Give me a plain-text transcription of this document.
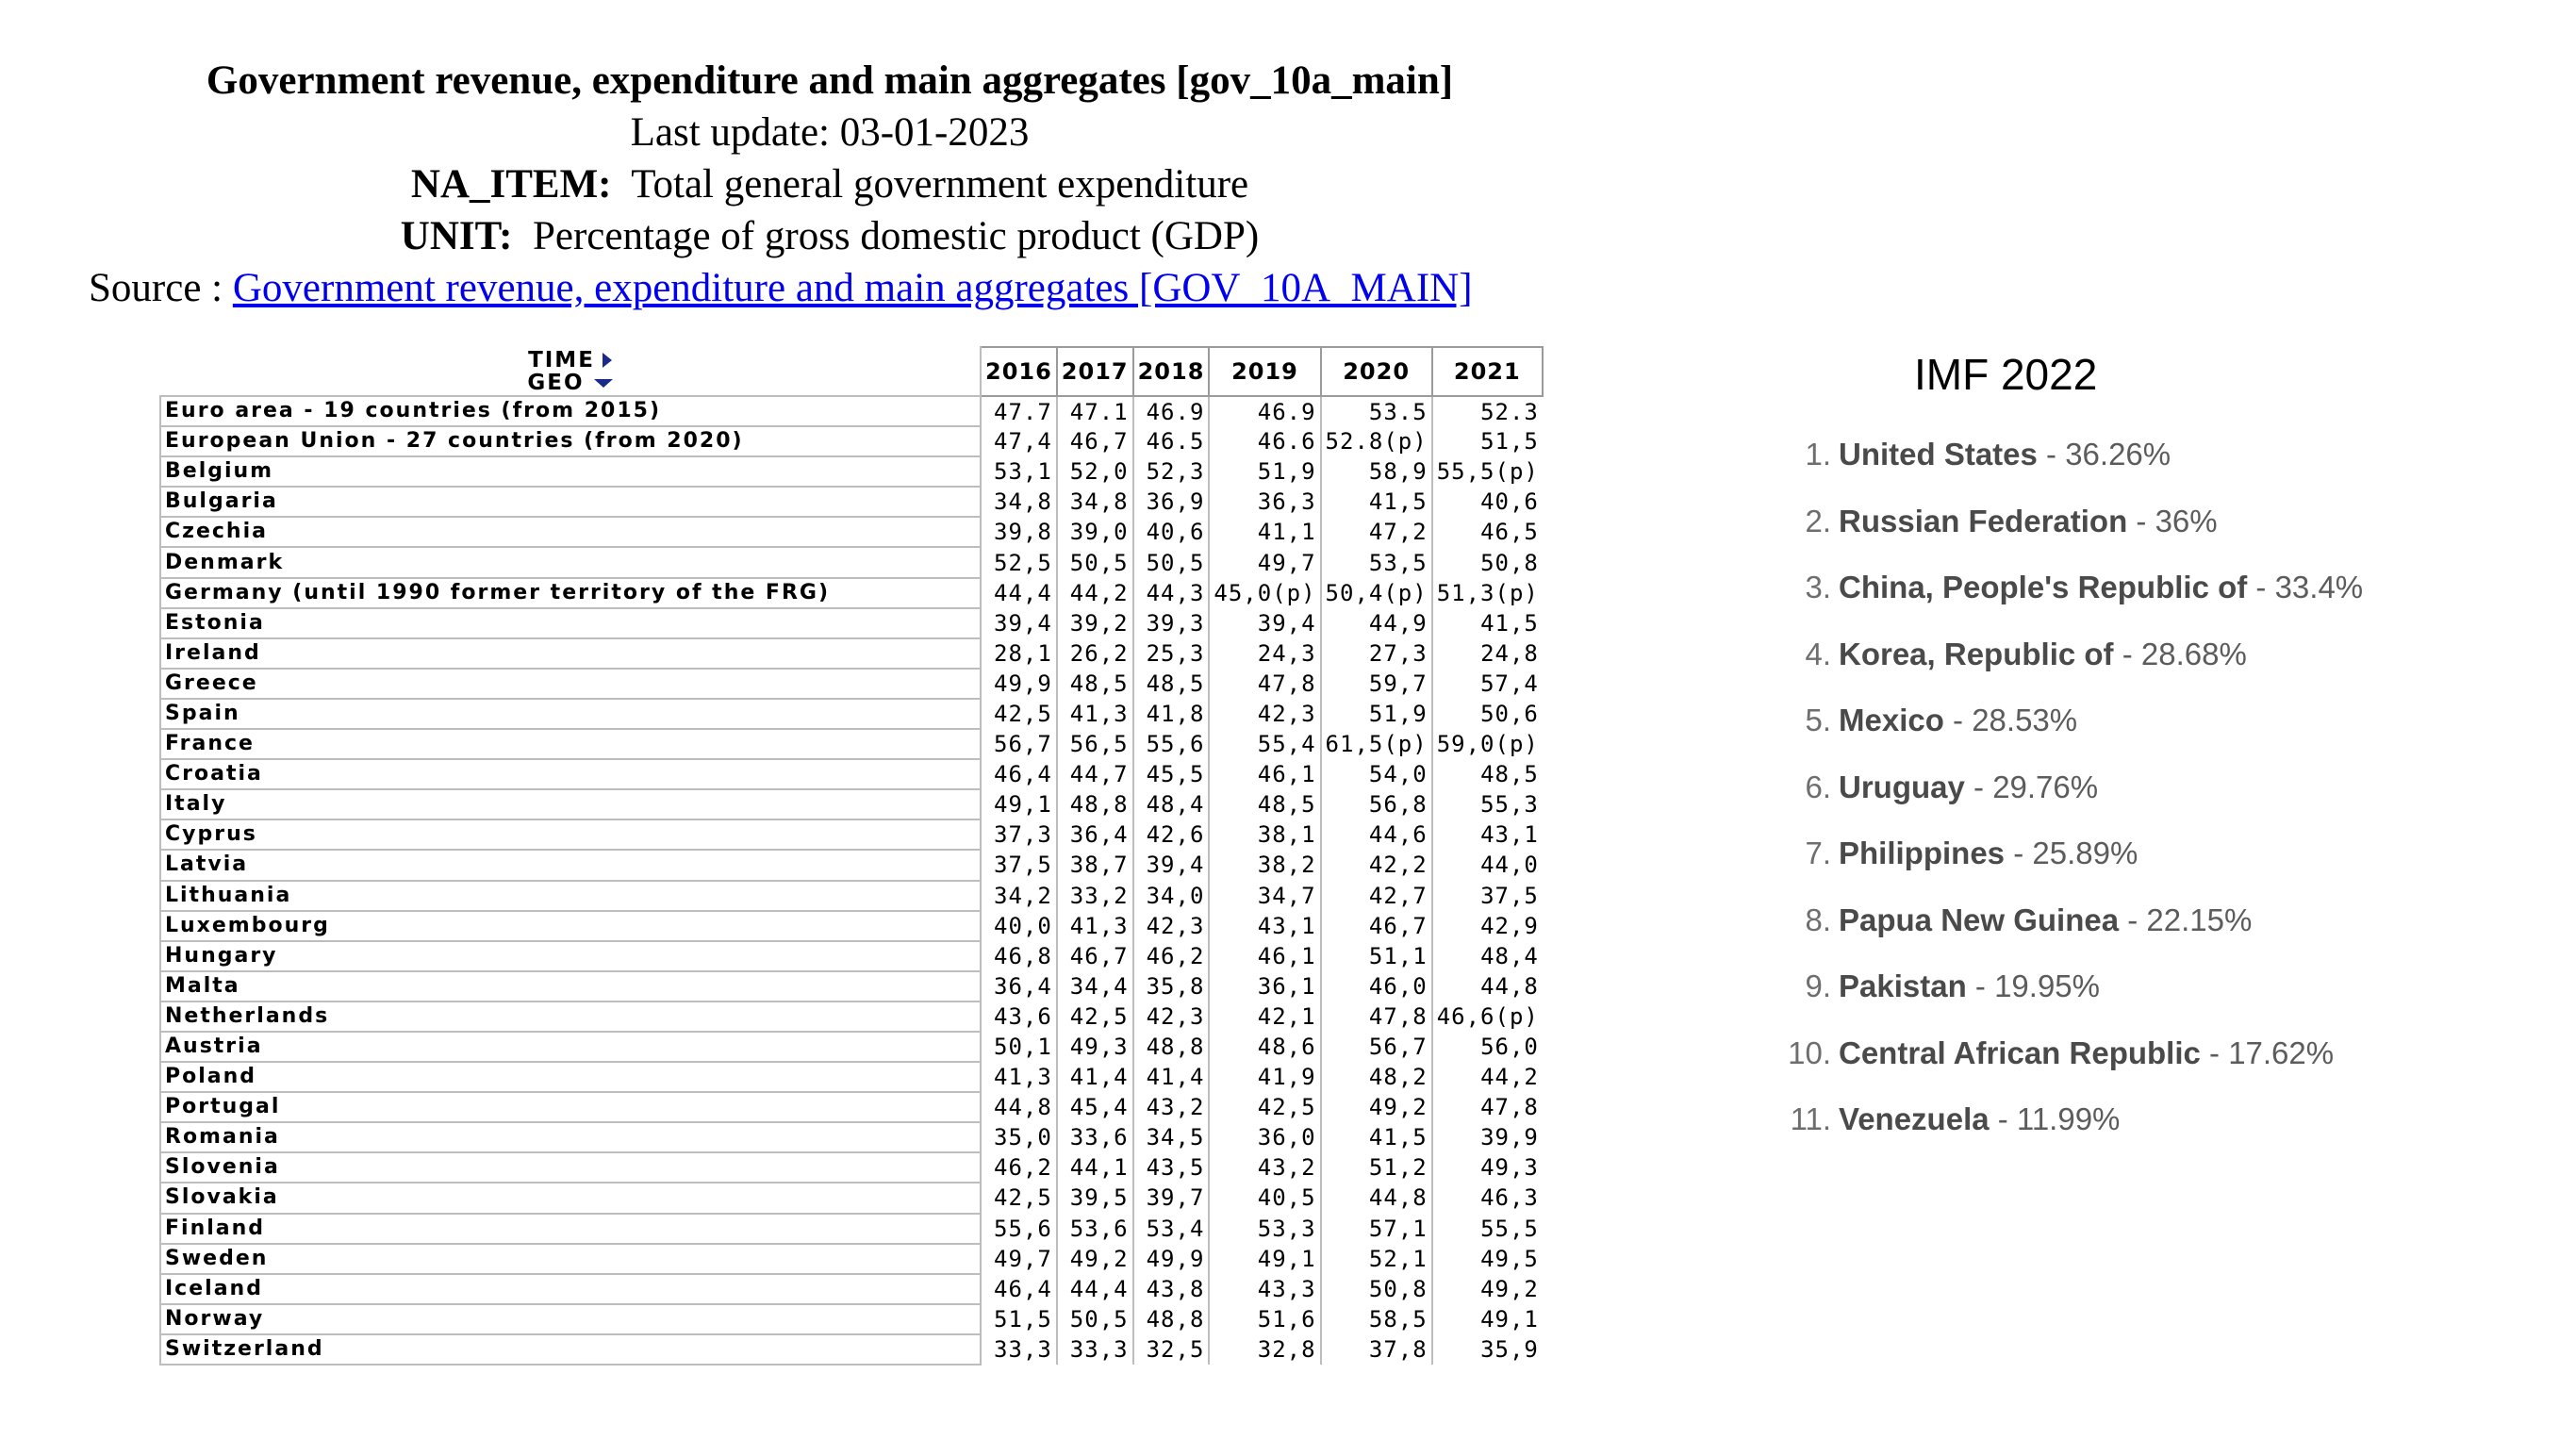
Government revenue, expenditure and main aggregates [gov_10a_main]
Last update: 03-01-2023
NA_ITEM: Total general government expenditure
UNIT: Percentage of gross domestic product (GDP)
Source : Government revenue, expenditure and main aggregates [GOV_10A_MAIN]
TIME
GEO	2016	2017	2018	2019	2020	2021
Euro area - 19 countries (from 2015)	47.7	47.1	46.9	46.9	53.5	52.3
European Union - 27 countries (from 2020)	47,4	46,7	46.5	46.6	52.8(p)	51,5
Belgium	53,1	52,0	52,3	51,9	58,9	55,5(p)
Bulgaria	34,8	34,8	36,9	36,3	41,5	40,6
Czechia	39,8	39,0	40,6	41,1	47,2	46,5
Denmark	52,5	50,5	50,5	49,7	53,5	50,8
Germany (until 1990 former territory of the FRG)	44,4	44,2	44,3	45,0(p)	50,4(p)	51,3(p)
Estonia	39,4	39,2	39,3	39,4	44,9	41,5
Ireland	28,1	26,2	25,3	24,3	27,3	24,8
Greece	49,9	48,5	48,5	47,8	59,7	57,4
Spain	42,5	41,3	41,8	42,3	51,9	50,6
France	56,7	56,5	55,6	55,4	61,5(p)	59,0(p)
Croatia	46,4	44,7	45,5	46,1	54,0	48,5
Italy	49,1	48,8	48,4	48,5	56,8	55,3
Cyprus	37,3	36,4	42,6	38,1	44,6	43,1
Latvia	37,5	38,7	39,4	38,2	42,2	44,0
Lithuania	34,2	33,2	34,0	34,7	42,7	37,5
Luxembourg	40,0	41,3	42,3	43,1	46,7	42,9
Hungary	46,8	46,7	46,2	46,1	51,1	48,4
Malta	36,4	34,4	35,8	36,1	46,0	44,8
Netherlands	43,6	42,5	42,3	42,1	47,8	46,6(p)
Austria	50,1	49,3	48,8	48,6	56,7	56,0
Poland	41,3	41,4	41,4	41,9	48,2	44,2
Portugal	44,8	45,4	43,2	42,5	49,2	47,8
Romania	35,0	33,6	34,5	36,0	41,5	39,9
Slovenia	46,2	44,1	43,5	43,2	51,2	49,3
Slovakia	42,5	39,5	39,7	40,5	44,8	46,3
Finland	55,6	53,6	53,4	53,3	57,1	55,5
Sweden	49,7	49,2	49,9	49,1	52,1	49,5
Iceland	46,4	44,4	43,8	43,3	50,8	49,2
Norway	51,5	50,5	48,8	51,6	58,5	49,1
Switzerland	33,3	33,3	32,5	32,8	37,8	35,9
IMF 2022
1. United States - 36.26%
2. Russian Federation - 36%
3. China, People's Republic of - 33.4%
4. Korea, Republic of - 28.68%
5. Mexico - 28.53%
6. Uruguay - 29.76%
7. Philippines - 25.89%
8. Papua New Guinea - 22.15%
9. Pakistan - 19.95%
10. Central African Republic - 17.62%
11. Venezuela - 11.99%
